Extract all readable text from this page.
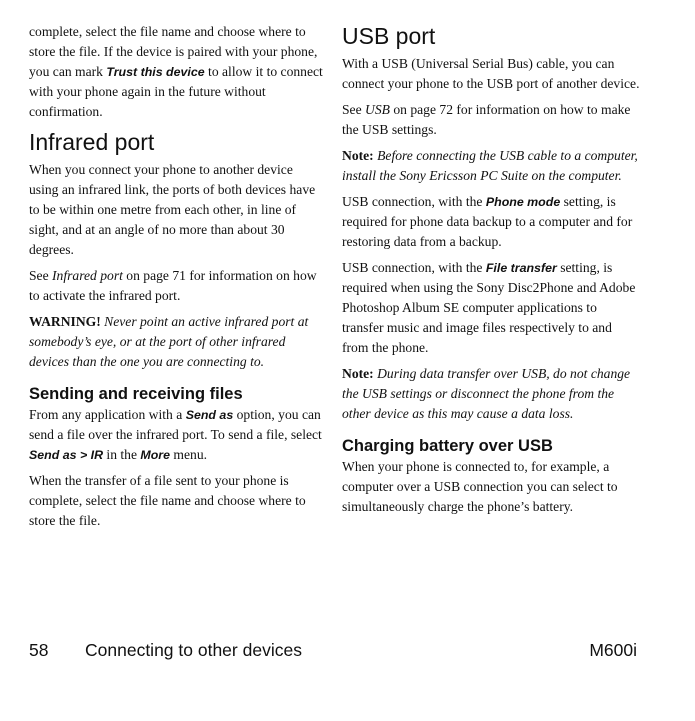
complete, select the file name and choose where to store the file. If the device is paired with your phone, you can mark Trust this device to allow it to connect with your phone again in the future without confirmation.

Infrared port

When you connect your phone to another device using an infrared link, the ports of both devices have to be within one metre from each other, in line of sight, and at an angle of no more than about 30 degrees.

See Infrared port on page 71 for information on how to activate the infrared port.

WARNING! Never point an active infrared port at somebody’s eye, or at the port of other infrared devices than the one you are connecting to.

Sending and receiving files

From any application with a Send as option, you can send a file over the infrared port. To send a file, select Send as > IR in the More menu.

When the transfer of a file sent to your phone is complete, select the file name and choose where to store the file.

USB port

With a USB (Universal Serial Bus) cable, you can connect your phone to the USB port of another device.

See USB on page 72 for information on how to make the USB settings.

Note: Before connecting the USB cable to a computer, install the Sony Ericsson PC Suite on the computer.

USB connection, with the Phone mode setting, is required for phone data backup to a computer and for restoring data from a backup.

USB connection, with the File transfer setting, is required when using the Sony Disc2Phone and Adobe Photoshop Album SE computer applications to transfer music and image files respectively to and from the phone.

Note: During data transfer over USB, do not change the USB settings or disconnect the phone from the other device as this may cause a data loss.

Charging battery over USB

When your phone is connected to, for example, a computer over a USB connection you can select to simultaneously charge the phone’s battery.

58 Connecting to other devices	M600i
